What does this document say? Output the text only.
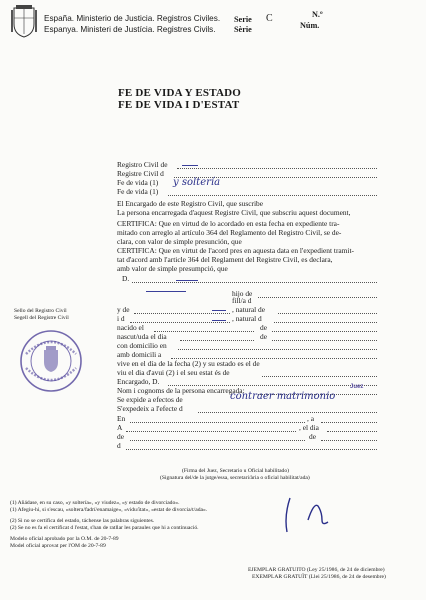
España. Ministerio de Justicia. Registros Civiles.
Espanya. Ministeri de Justícia. Registres Civils.
Serie
Sèrie
C	N.º
Núm.
FE DE VIDA Y ESTADO
FE DE VIDA I D'ESTAT
Registro Civil de
Registre Civil d
Fe de vida (1)
Fe de vida (1)
y soltería
El Encargado de este Registro Civil, que suscribe
La persona encarregada d'aquest Registre Civil, que subscriu aquest document,
CERTIFICA: Que en virtud de lo acordado en esta fecha en expediente tra-
mitado con arreglo al artículo 364 del Reglamento del Registro Civil, se de-
clara, con valor de simple presunción, que
CERTIFICA: Que en virtut de l'acord pres en aquesta data en l'expedient tramit-
tat d'acord amb l'article 364 del Reglament del Registre Civil, es declara,
amb valor de simple presumpció, que
D.
hijo de
fill/a d
y de	, natural de
i d	, natural d
nacido el	de
nascut/uda el dia	de
con domicilio en
amb domicili a
vive en el día de la fecha (2) y su estado es el de
viu el dia d'avui (2) i el seu estat és de
Encargado, D.
Nom i cognoms de la persona encarregada:
Se expide a efectos de
S'expedeix a l'efecte d
contraer matrimonio
Juez
En	, a
A	, el dia
de	de
d
Sello del Registro Civil
Segell del Registre Civil
(Firma del Juez, Secretario u Oficial habilitado)
(Signatura del/de la jutge/essa, secretari/ària o oficial habilitat/ada)
(1) Añádase, en su caso, «y soltería», «y viudez», «y estado de divorciado».
(1) Afegiu-hi, si s'escau, «soltera/fadrí/enamaige», «vidu/ïtat», «estat de divorcia/t/ada».
(2) Si no se certifica del estado, táchense las palabras siguientes.
(2) Se no es fa el certificat d l'estat, s'han de ratllar les paraules que hi a continuació.
Modelo oficial aprobado por la O.M. de 20-7-89
Model oficial aprovat per l'OM de 20-7-89
EJEMPLAR GRATUITO (Ley 25/1986, de 24 de diciembre)
EXEMPLAR GRATUÏT (Llei 25/1986, de 24 de desembre)
